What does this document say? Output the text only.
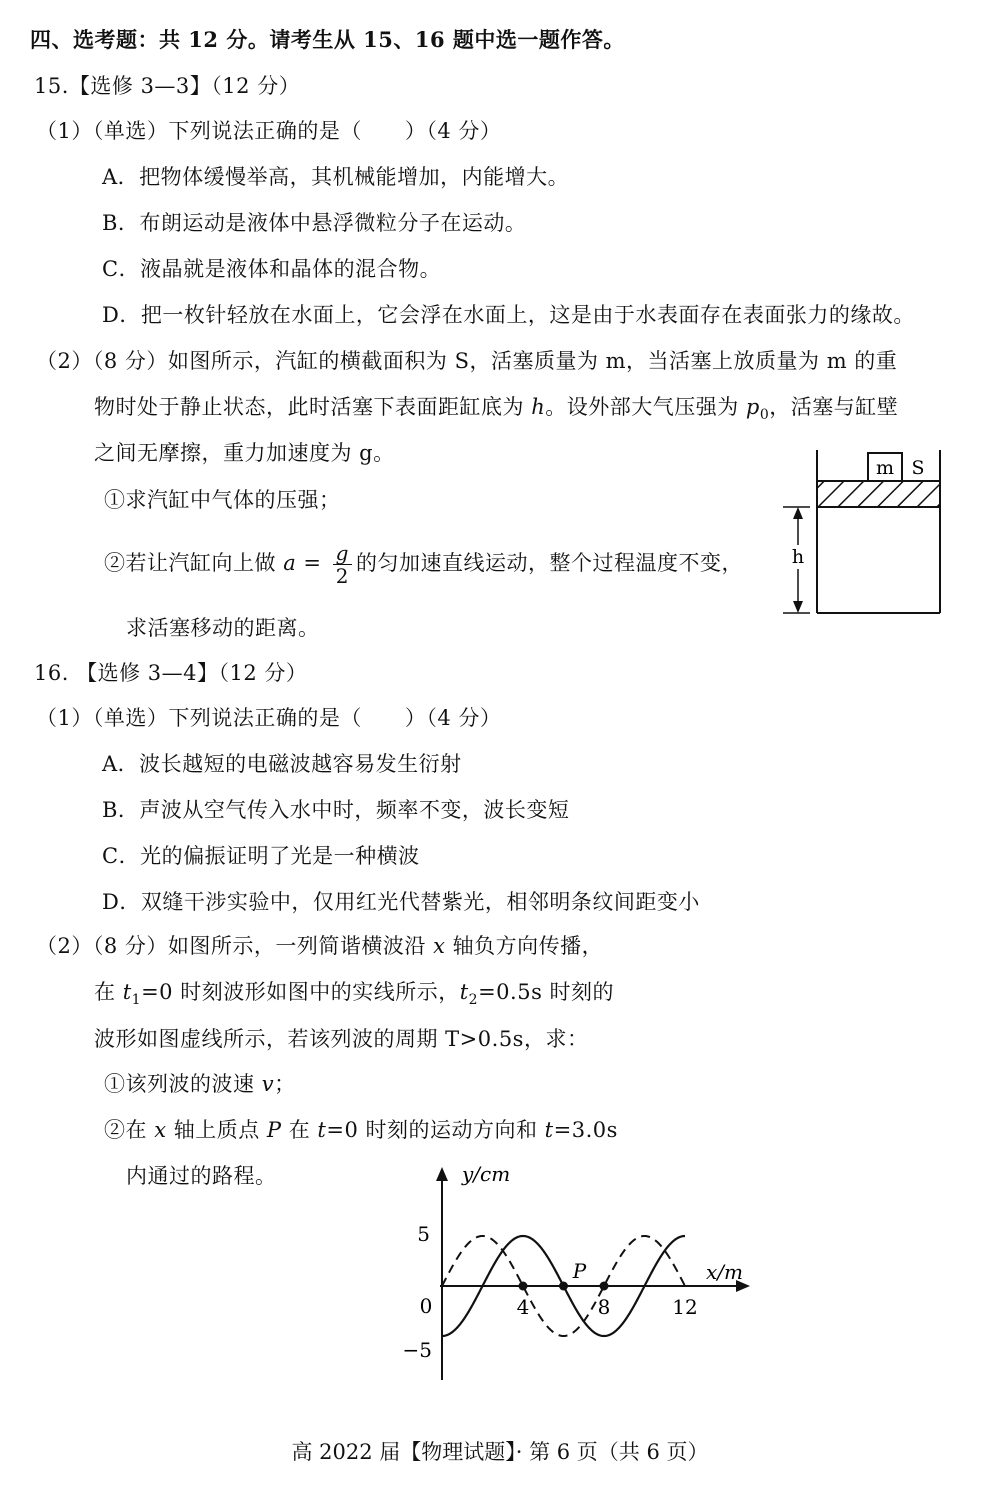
四、选考题：共 12 分。请考生从 15、16 题中选一题作答。
15.【选修 3—3】（12 分）
（1）（单选）下列说法正确的是（　　）（4 分）
A．把物体缓慢举高，其机械能增加，内能增大。
B．布朗运动是液体中悬浮微粒分子在运动。
C．液晶就是液体和晶体的混合物。
D．把一枚针轻放在水面上，它会浮在水面上，这是由于水表面存在表面张力的缘故。
（2）（8 分）如图所示，汽缸的横截面积为 S，活塞质量为 m，当活塞上放质量为 m 的重
物时处于静止状态，此时活塞下表面距缸底为 h。设外部大气压强为 $p_0$，活塞与缸壁
之间无摩擦，重力加速度为 g。
①求汽缸中气体的压强；
②若让汽缸向上做 $a = \frac{g}{2}$ 的匀加速直线运动，整个过程温度不变，
求活塞移动的距离。
m S
h
16. 【选修 3—4】（12 分）
（1）（单选）下列说法正确的是（　　）（4 分）
A．波长越短的电磁波越容易发生衍射
B．声波从空气传入水中时，频率不变，波长变短
C．光的偏振证明了光是一种横波
D．双缝干涉实验中，仅用红光代替紫光，相邻明条纹间距变小
（2）（8 分）如图所示，一列简谐横波沿 x 轴负方向传播，
在 $t_1=0$ 时刻波形如图中的实线所示，$t_2=0.5s$ 时刻的
波形如图虚线所示，若该列波的周期 T>0.5s，求：
①该列波的波速 v；
②在 x 轴上质点 P 在 t=0 时刻的运动方向和 t=3.0s
内通过的路程。	y/cm
x/m
0
5
−5
4	8	12
P
高 2022 届【物理试题】· 第 6 页（共 6 页）
